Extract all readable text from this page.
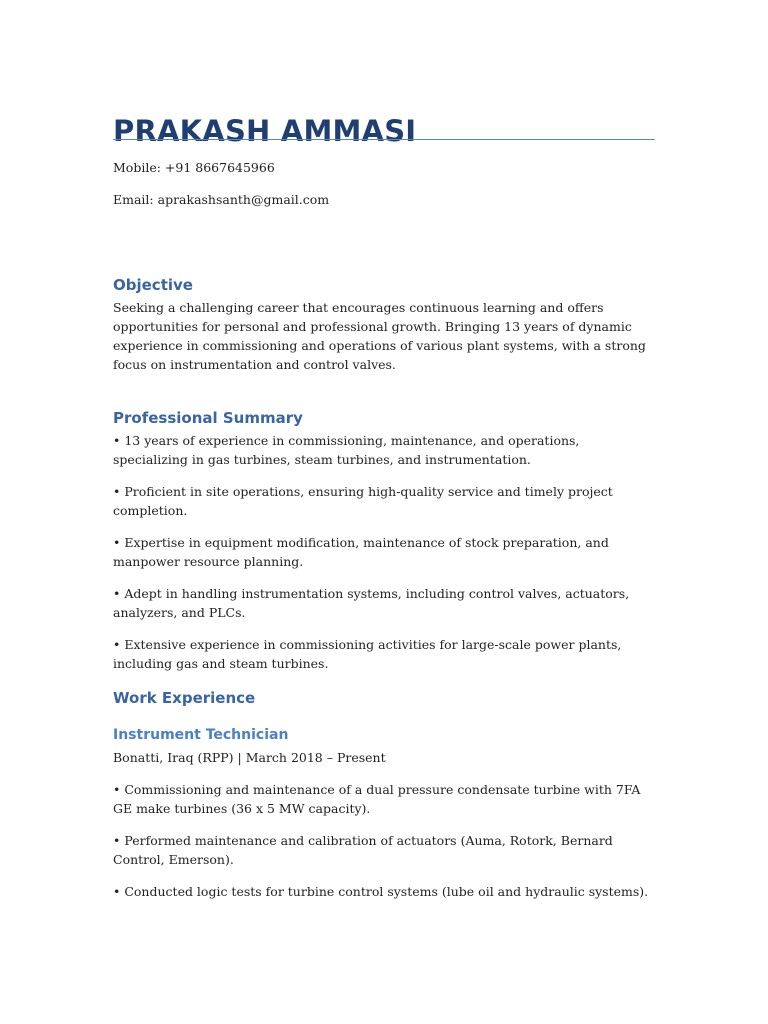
PRAKASH AMMASI

Mobile: +91 8667645966

Email: aprakashsanth@gmail.com

Objective

Seeking a challenging career that encourages continuous learning and offers opportunities for personal and professional growth. Bringing 13 years of dynamic experience in commissioning and operations of various plant systems, with a strong focus on instrumentation and control valves.

Professional Summary
• 13 years of experience in commissioning, maintenance, and operations, specializing in gas turbines, steam turbines, and instrumentation.
• Proficient in site operations, ensuring high-quality service and timely project completion.
• Expertise in equipment modification, maintenance of stock preparation, and manpower resource planning.
• Adept in handling instrumentation systems, including control valves, actuators, analyzers, and PLCs.
• Extensive experience in commissioning activities for large-scale power plants, including gas and steam turbines.
Work Experience
Instrument Technician

Bonatti, Iraq (RPP) | March 2018 – Present

• Commissioning and maintenance of a dual pressure condensate turbine with 7FA GE make turbines (36 x 5 MW capacity).
• Performed maintenance and calibration of actuators (Auma, Rotork, Bernard Control, Emerson).
• Conducted logic tests for turbine control systems (lube oil and hydraulic systems).
